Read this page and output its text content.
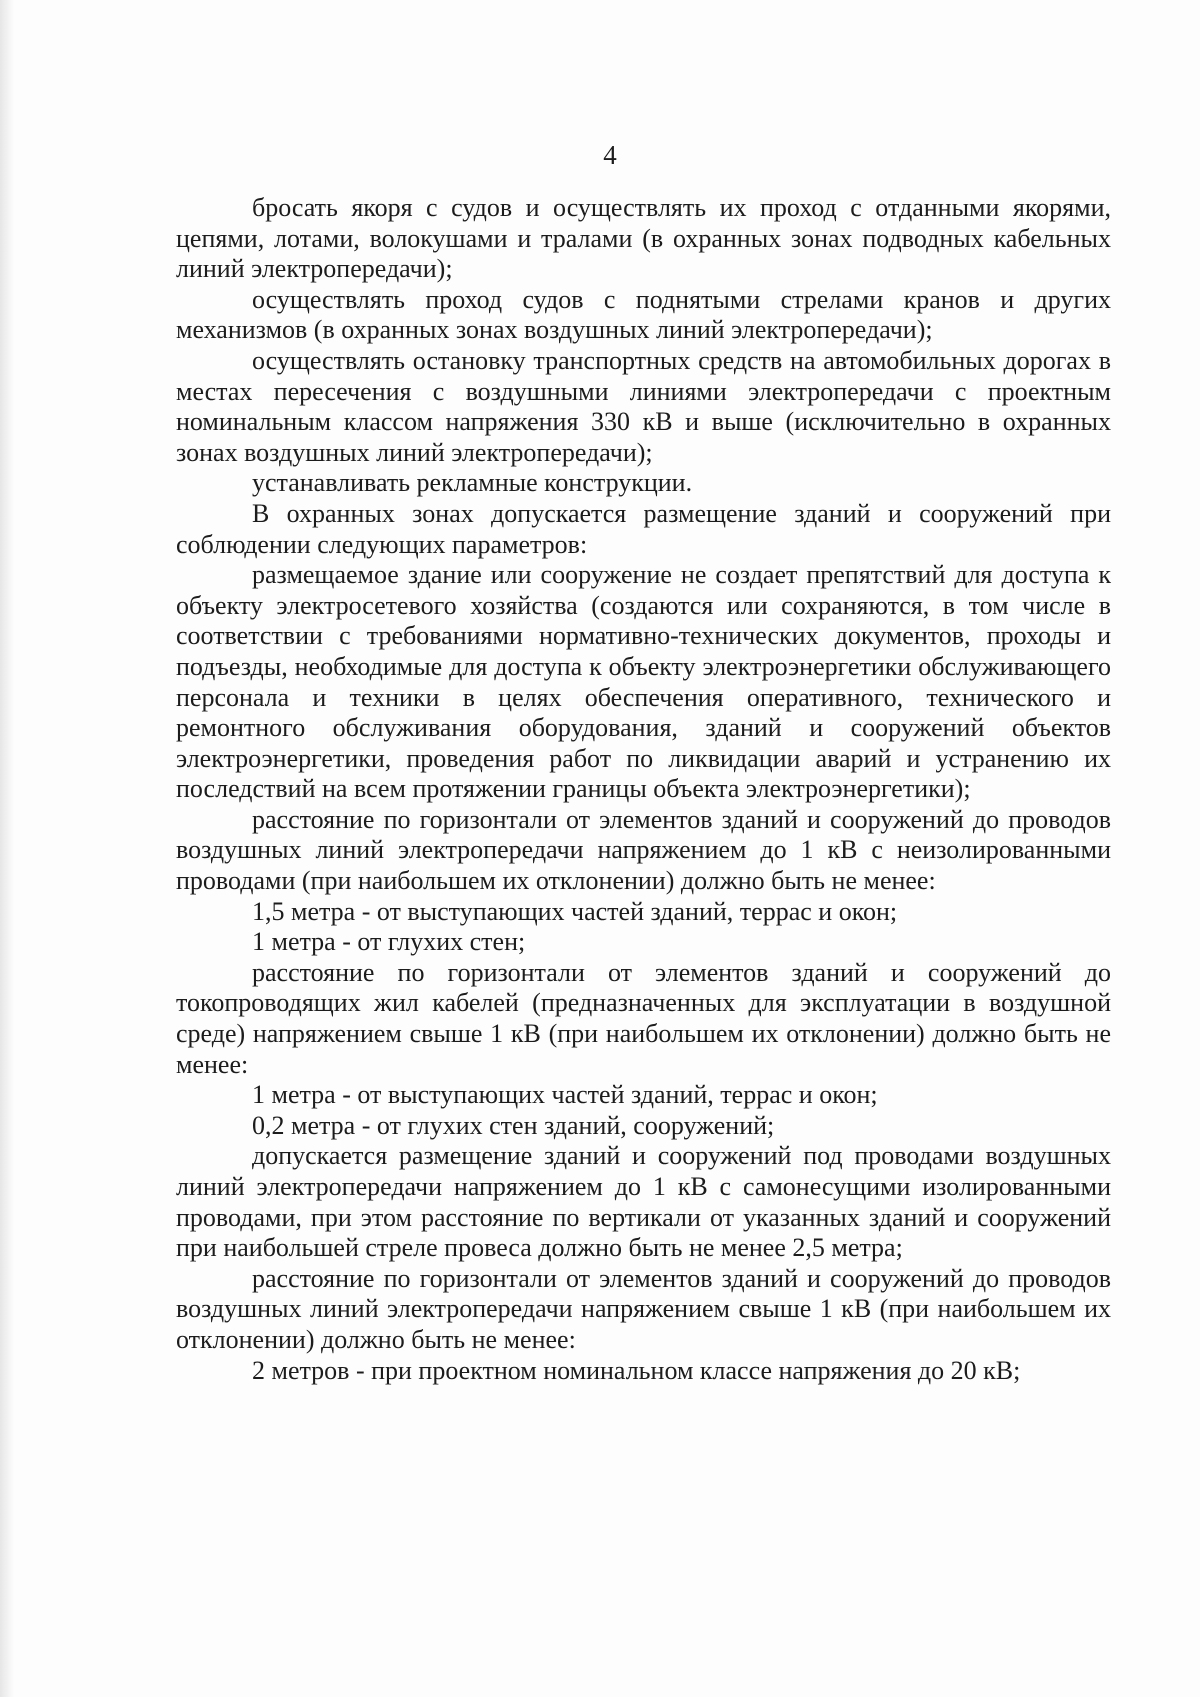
4

бросать якоря с судов и осуществлять их проход с отданными якорями, цепями, лотами, волокушами и тралами (в охранных зонах подводных кабельных линий электропередачи);

осуществлять проход судов с поднятыми стрелами кранов и других механизмов (в охранных зонах воздушных линий электропередачи);

осуществлять остановку транспортных средств на автомобильных дорогах в местах пересечения с воздушными линиями электропередачи с проектным номинальным классом напряжения 330 кВ и выше (исключительно в охранных зонах воздушных линий электропередачи);

устанавливать рекламные конструкции.

В охранных зонах допускается размещение зданий и сооружений при соблюдении следующих параметров:

размещаемое здание или сооружение не создает препятствий для доступа к объекту электросетевого хозяйства (создаются или сохраняются, в том числе в соответствии с требованиями нормативно-технических документов, проходы и подъезды, необходимые для доступа к объекту электроэнергетики обслуживающего персонала и техники в целях обеспечения оперативного, технического и ремонтного обслуживания оборудования, зданий и сооружений объектов электроэнергетики, проведения работ по ликвидации аварий и устранению их последствий на всем протяжении границы объекта электроэнергетики);

расстояние по горизонтали от элементов зданий и сооружений до проводов воздушных линий электропередачи напряжением до 1 кВ с неизолированными проводами (при наибольшем их отклонении) должно быть не менее:

1,5 метра - от выступающих частей зданий, террас и окон;

1 метра - от глухих стен;

расстояние по горизонтали от элементов зданий и сооружений до токопроводящих жил кабелей (предназначенных для эксплуатации в воздушной среде) напряжением свыше 1 кВ (при наибольшем их отклонении) должно быть не менее:

1 метра - от выступающих частей зданий, террас и окон;

0,2 метра - от глухих стен зданий, сооружений;

допускается размещение зданий и сооружений под проводами воздушных линий электропередачи напряжением до 1 кВ с самонесущими изолированными проводами, при этом расстояние по вертикали от указанных зданий и сооружений при наибольшей стреле провеса должно быть не менее 2,5 метра;

расстояние по горизонтали от элементов зданий и сооружений до проводов воздушных линий электропередачи напряжением свыше 1 кВ (при наибольшем их отклонении) должно быть не менее:

2 метров - при проектном номинальном классе напряжения до 20 кВ;
